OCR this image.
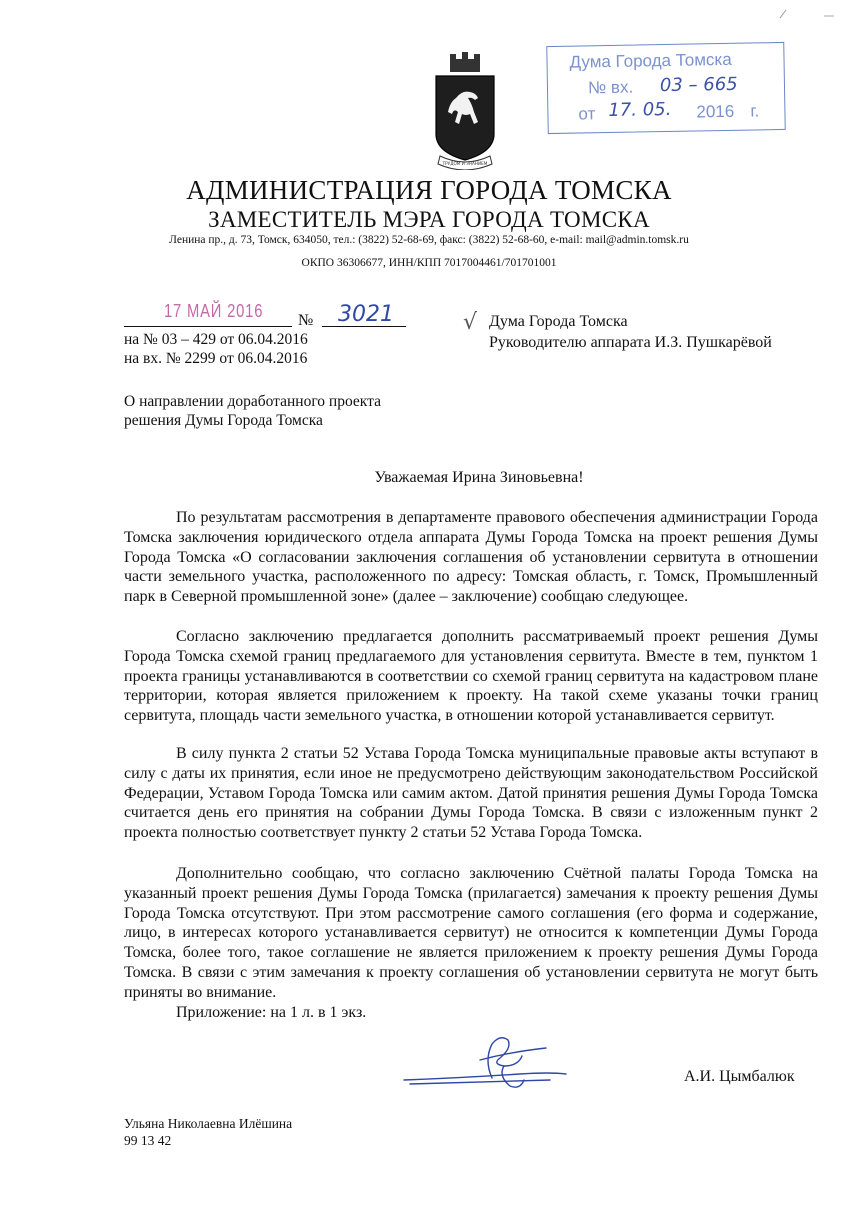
ТРУДОМ И ЗНАНИЕМ
АДМИНИСТРАЦИЯ ГОРОДА ТОМСКА
ЗАМЕСТИТЕЛЬ МЭРА ГОРОДА ТОМСКА
Ленина пр., д. 73, Томск, 634050, тел.: (3822) 52-68-69, факс: (3822) 52-68-60, e-mail: mail@admin.tomsk.ru
ОКПО 36306677, ИНН/КПП 7017004461/701701001
Дума Города Томска
№ вх. 03 – 665
от 17. 05. 2016 г.
17 МАЙ 2016 № 3021
на № 03 – 429 от 06.04.2016
на вх. № 2299 от 06.04.2016
√ Дума Города Томска
Руководителю аппарата И.З. Пушкарёвой
О направлении доработанного проекта
решения Думы Города Томска
Уважаемая Ирина Зиновьевна!

По результатам рассмотрения в департаменте правового обеспечения администрации Города Томска заключения юридического отдела аппарата Думы Города Томска на проект решения Думы Города Томска «О согласовании заключения соглашения об установлении сервитута в отношении части земельного участка, расположенного по адресу: Томская область, г. Томск, Промышленный парк в Северной промышленной зоне» (далее – заключение) сообщаю следующее.

Согласно заключению предлагается дополнить рассматриваемый проект решения Думы Города Томска схемой границ предлагаемого для установления сервитута. Вместе в тем, пунктом 1 проекта границы устанавливаются в соответствии со схемой границ сервитута на кадастровом плане территории, которая является приложением к проекту. На такой схеме указаны точки границ сервитута, площадь части земельного участка, в отношении которой устанавливается сервитут.

В силу пункта 2 статьи 52 Устава Города Томска муниципальные правовые акты вступают в силу с даты их принятия, если иное не предусмотрено действующим законодательством Российской Федерации, Уставом Города Томска или самим актом. Датой принятия решения Думы Города Томска считается день его принятия на собрании Думы Города Томска. В связи с изложенным пункт 2 проекта полностью соответствует пункту 2 статьи 52 Устава Города Томска.

Дополнительно сообщаю, что согласно заключению Счётной палаты Города Томска на указанный проект решения Думы Города Томска (прилагается) замечания к проекту решения Думы Города Томска отсутствуют. При этом рассмотрение самого соглашения (его форма и содержание, лицо, в интересах которого устанавливается сервитут) не относится к компетенции Думы Города Томска, более того, такое соглашение не является приложением к проекту решения Думы Города Томска. В связи с этим замечания к проекту соглашения об установлении сервитута не могут быть приняты во внимание.

Приложение: на 1 л. в 1 экз.
А.И. Цымбалюк
Ульяна Николаевна Илёшина
99 13 42
